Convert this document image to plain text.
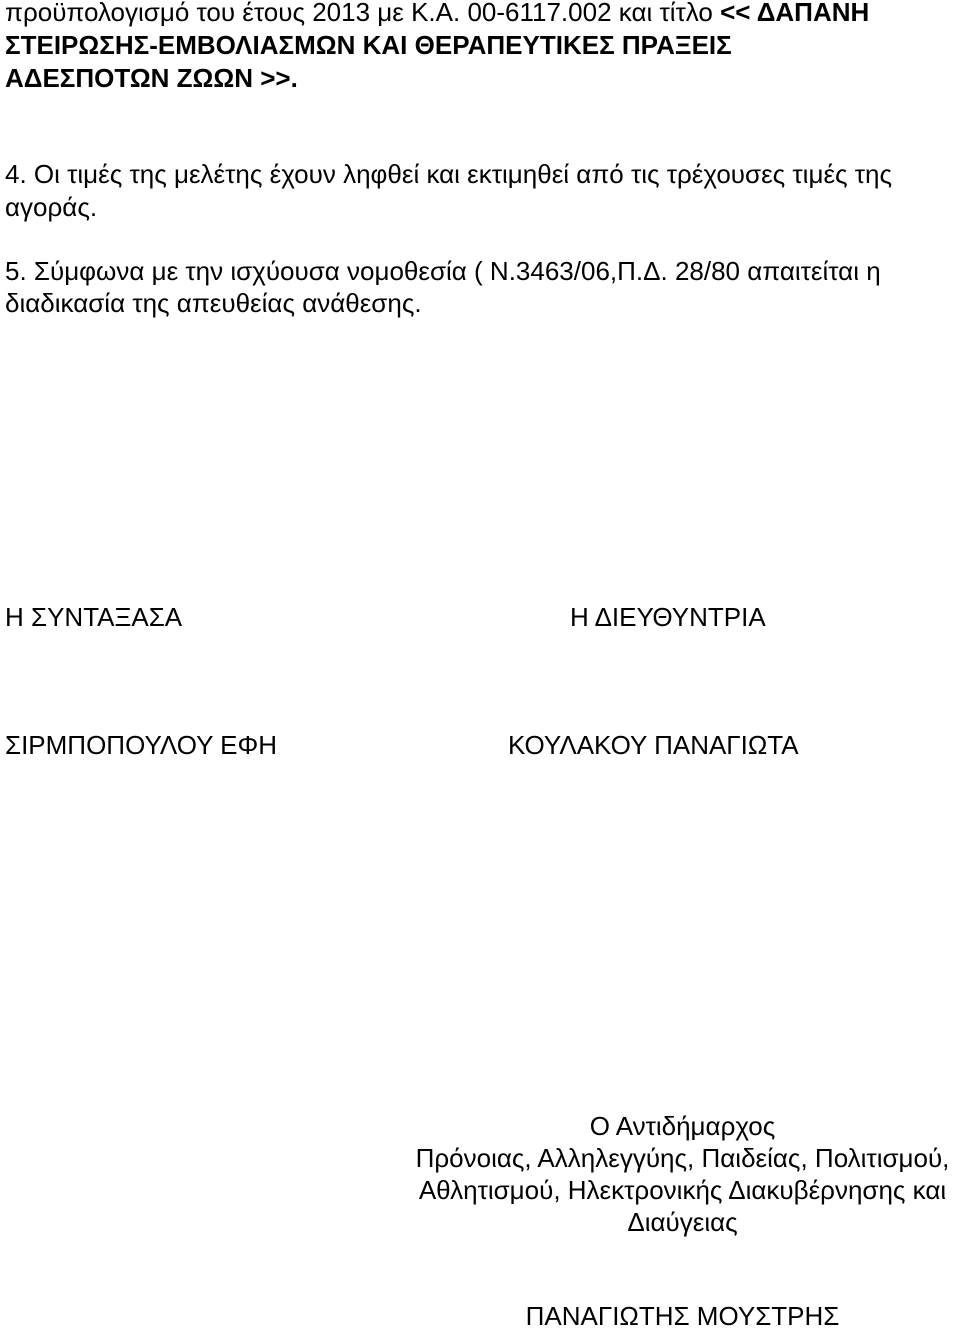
προϋπολογισμό του έτους 2013 με Κ.Α. 00-6117.002 και τίτλο << ΔΑΠΑΝΗ
ΣΤΕΙΡΩΣΗΣ-ΕΜΒΟΛΙΑΣΜΩΝ ΚΑΙ ΘΕΡΑΠΕΥΤΙΚΕΣ ΠΡΑΞΕΙΣ
ΑΔΕΣΠΟΤΩΝ ΖΩΩΝ >>.
4. Οι τιμές της μελέτης έχουν ληφθεί και εκτιμηθεί από τις τρέχουσες τιμές της
αγοράς.
5. Σύμφωνα με την ισχύουσα νομοθεσία ( Ν.3463/06,Π.Δ. 28/80 απαιτείται η
διαδικασία της απευθείας ανάθεσης.
Η ΣΥΝΤΑΞΑΣΑ	Η ΔΙΕΥΘΥΝΤΡΙΑ
ΣΙΡΜΠΟΠΟΥΛΟΥ ΕΦΗ	ΚΟΥΛΑΚΟΥ ΠΑΝΑΓΙΩΤΑ
Ο Αντιδήμαρχος
Πρόνοιας, Αλληλεγγύης, Παιδείας, Πολιτισμού,
Αθλητισμού, Ηλεκτρονικής Διακυβέρνησης και
Διαύγειας
ΠΑΝΑΓΙΩΤΗΣ ΜΟΥΣΤΡΗΣ
